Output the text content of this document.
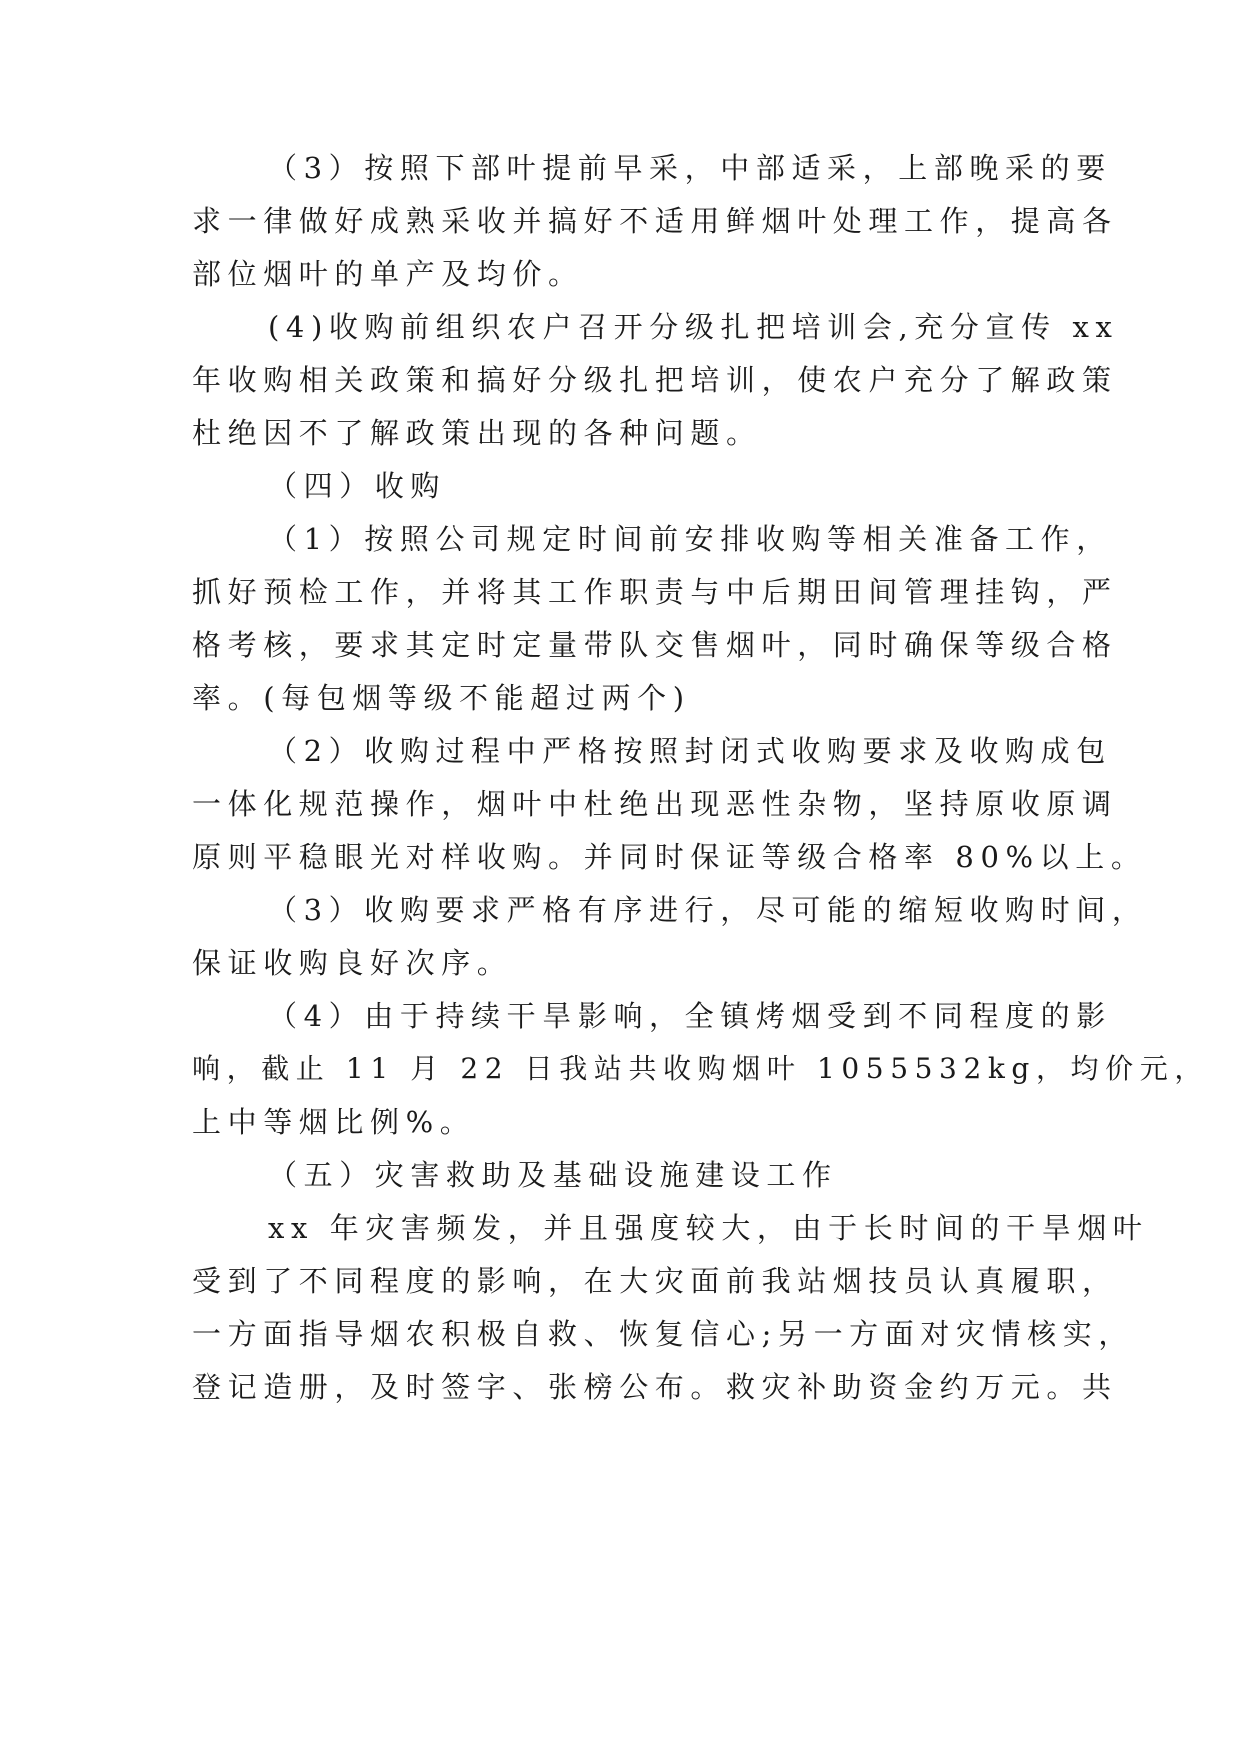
（3）按照下部叶提前早采，中部适采，上部晚采的要
求一律做好成熟采收并搞好不适用鲜烟叶处理工作，提高各
部位烟叶的单产及均价。
(4)收购前组织农户召开分级扎把培训会,充分宣传 xx
年收购相关政策和搞好分级扎把培训，使农户充分了解政策
杜绝因不了解政策出现的各种问题。
（四）收购
（1）按照公司规定时间前安排收购等相关准备工作，
抓好预检工作，并将其工作职责与中后期田间管理挂钩，严
格考核，要求其定时定量带队交售烟叶，同时确保等级合格
率。(每包烟等级不能超过两个)
（2）收购过程中严格按照封闭式收购要求及收购成包
一体化规范操作，烟叶中杜绝出现恶性杂物，坚持原收原调
原则平稳眼光对样收购。并同时保证等级合格率 80%以上。
（3）收购要求严格有序进行，尽可能的缩短收购时间，
保证收购良好次序。
（4）由于持续干旱影响，全镇烤烟受到不同程度的影
响，截止 11 月 22 日我站共收购烟叶 1055532kg，均价元，
上中等烟比例%。
（五）灾害救助及基础设施建设工作
xx 年灾害频发，并且强度较大，由于长时间的干旱烟叶
受到了不同程度的影响，在大灾面前我站烟技员认真履职，
一方面指导烟农积极自救、恢复信心;另一方面对灾情核实，
登记造册，及时签字、张榜公布。救灾补助资金约万元。共
